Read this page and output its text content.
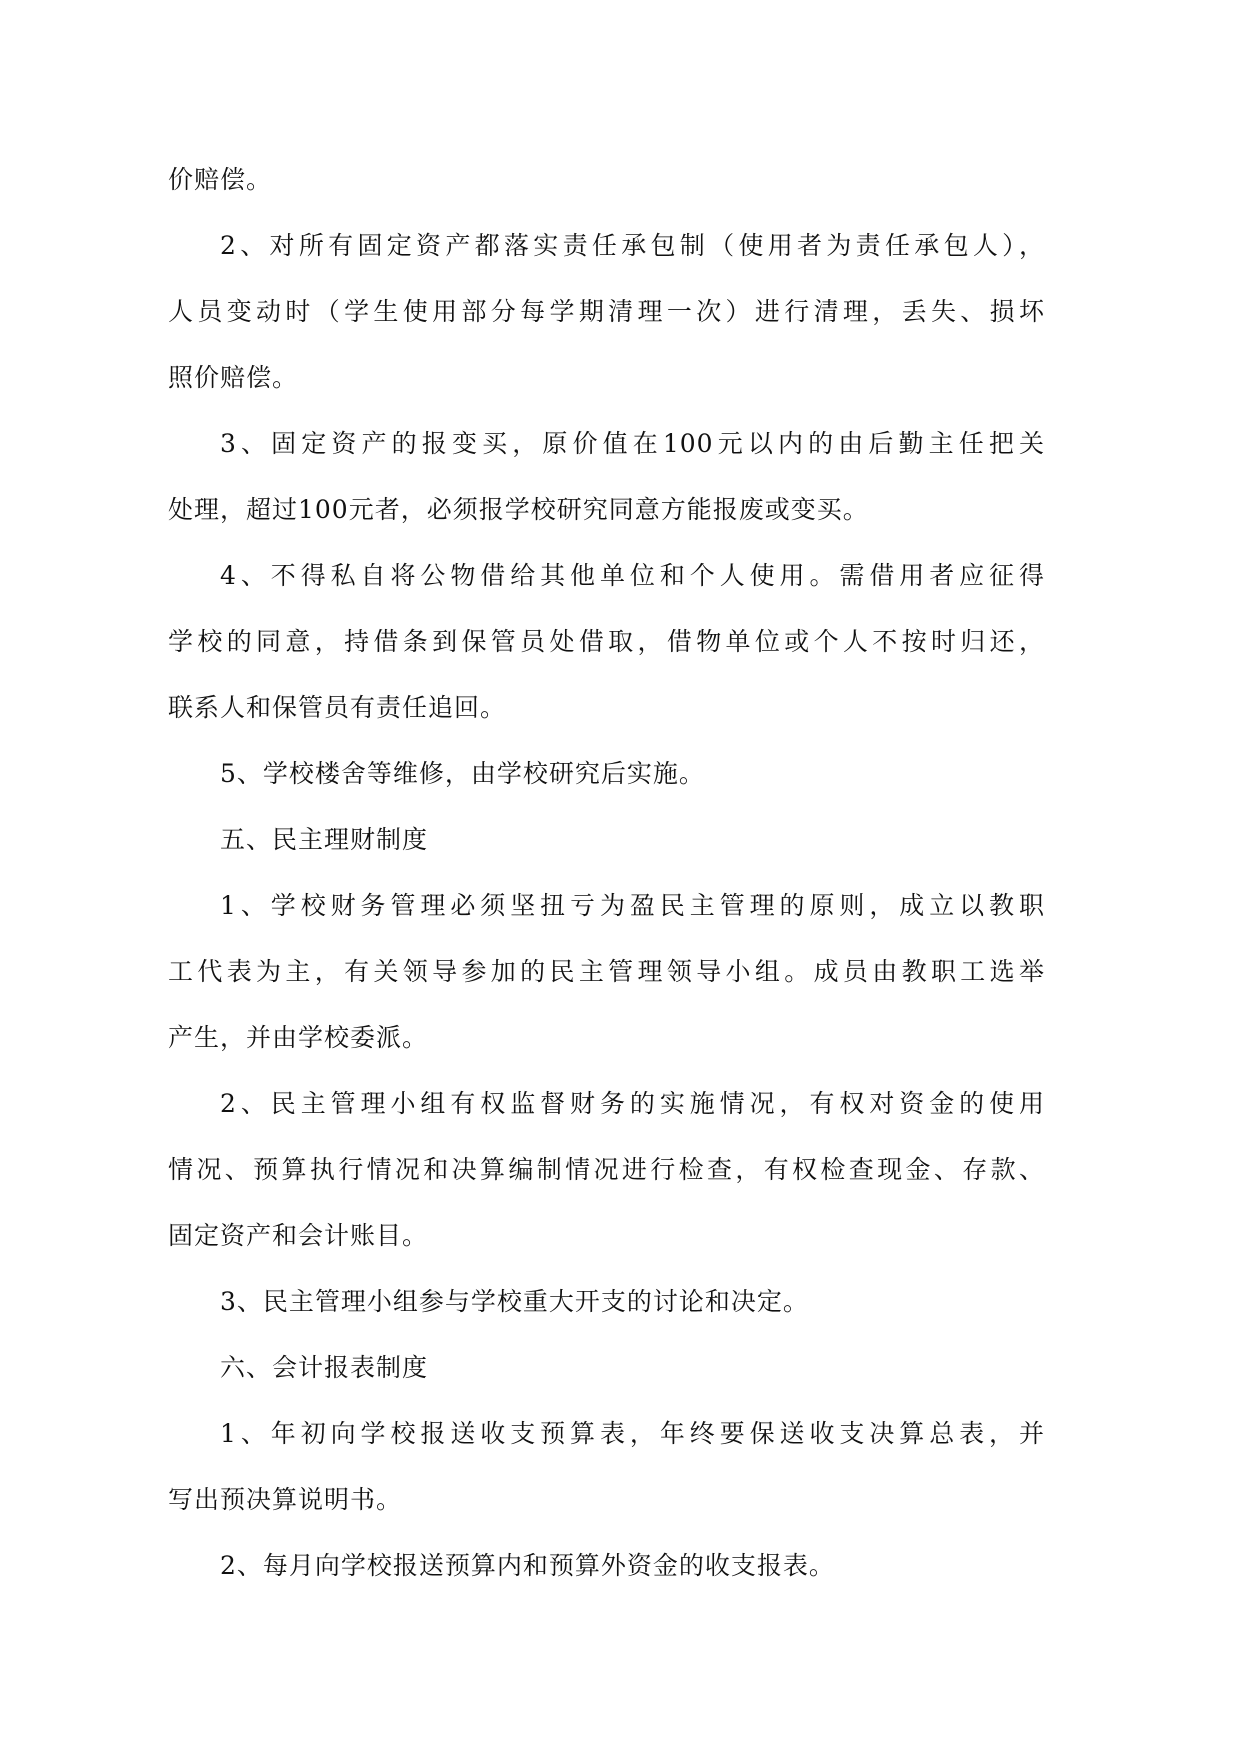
价赔偿。
2、对所有固定资产都落实责任承包制（使用者为责任承包人），
人员变动时（学生使用部分每学期清理一次）进行清理，丢失、损坏
照价赔偿。
3、固定资产的报变买，原价值在100元以内的由后勤主任把关
处理，超过100元者，必须报学校研究同意方能报废或变买。
4、不得私自将公物借给其他单位和个人使用。需借用者应征得
学校的同意，持借条到保管员处借取，借物单位或个人不按时归还，
联系人和保管员有责任追回。
5、学校楼舍等维修，由学校研究后实施。
五、民主理财制度
1、学校财务管理必须坚扭亏为盈民主管理的原则，成立以教职
工代表为主，有关领导参加的民主管理领导小组。成员由教职工选举
产生，并由学校委派。
2、民主管理小组有权监督财务的实施情况，有权对资金的使用
情况、预算执行情况和决算编制情况进行检查，有权检查现金、存款、
固定资产和会计账目。
3、民主管理小组参与学校重大开支的讨论和决定。
六、会计报表制度
1、年初向学校报送收支预算表，年终要保送收支决算总表，并
写出预决算说明书。
2、每月向学校报送预算内和预算外资金的收支报表。
